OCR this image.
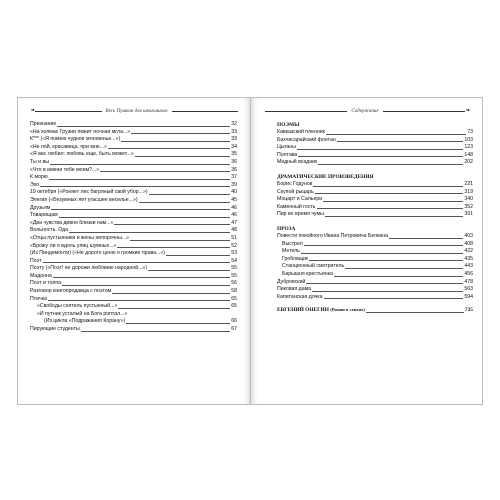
❧	Весь Пушкин для школьников
Признание	32
«На холмах Грузии лежит ночная мгла...»	33
К*** («Я помню чудное мгновенье...»)	33
«Не пой, красавица, при мне...»	34
«Я вас любил: любовь еще, быть может...»	35
Ты и вы	36
«Что в имени тебе моем?...»	36
К морю	37
Эхо	39
19 октября («Роняет лес багряный свой убор...»)	40
Элегия («Безумных лет угасшее веселье...»)	45
Друзьям	46
Товарищам	46
«Два чувства дивно близки нам...»	47
Вольность. Ода	48
«Отцы пустынники и жены непорочны...»	51
«Брожу ли я вдоль улиц шумных...»	52
(Из Пиндемонти) («Не дорого ценю я громкие права...»)	53
Поэт	54
Поэту («Поэт! не дорожи любовию народной...»)	55
Мадонна	55
Поэт и толпа	56
Разговор книгопродавца с поэтом	58
Птичка	65
«Свободы сеятель пустынный...»	65
«И путник усталый на Бога роптал...»
(Из цикла «Подражания Корану»)	66
Пирующие студенты	67
Содержание	❧
ПОЭМЫ
Кавказский пленник	73
Бахчисарайский фонтан	103
Цыганы	123
Полтава	148
Медный всадник	202
ДРАМАТИЧЕСКИЕ ПРОИЗВЕДЕНИЯ
Борис Годунов	221
Скупой рыцарь	319
Моцарт и Сальери	340
Каменный гость	352
Пир во время чумы	391
ПРОЗА
Повести покойного Ивана Петровича Белкина	403
Выстрел	408
Метель	422
Гробовщик	435
Станционный смотритель	443
Барышня крестьянка	456
Дубровский	478
Пиковая дама	563
Капитанская дочка	594
ЕВГЕНИЙ ОНЕГИН (Роман в стихах)	725
